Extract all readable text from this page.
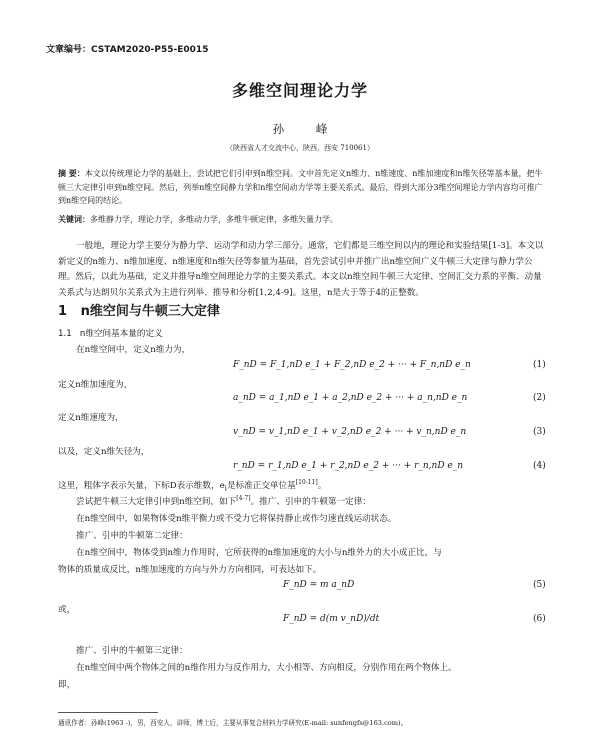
文章编号：CSTAM2020-P55-E0015
多维空间理论力学
孙 峰
（陕西省人才交流中心，陕西，西安 710061）
摘 要：本文以传统理论力学的基础上，尝试把它们引申到n维空间。文中首先定义n维力、n维速度、n维加速度和n维矢径等基本量，把牛顿三大定律引申到n维空间。然后，列举n维空间静力学和n维空间动力学等主要关系式。最后，得到大部分3维空间理论力学内容均可推广到n维空间的结论。
关键词：多维静力学，理论力学，多维动力学，多维牛顿定律，多维矢量力学。
一般地，理论力学主要分为静力学、运动学和动力学三部分。通常，它们都是三维空间以内的理论和实验结果[1-3]。本文以新定义的n维力、n维加速度、n维速度和n维矢径等参量为基础，首先尝试引申并推广出n维空间广义牛顿三大定律与静力学公理。然后，以此为基础，定义并推导n维空间理论力学的主要关系式。本文以n维空间牛顿三大定律、空间汇交力系的平衡、动量关系式与达朗贝尔关系式为主进行列举、推导和分析[1,2,4-9]。这里，n是大于等于4的正整数。
1 n维空间与牛顿三大定律
1.1 n维空间基本量的定义
在n维空间中，定义n维力为，
F_nD = F_1,nD e_1 + F_2,nD e_2 + ··· + F_n,nD e_n	(1)
定义n维加速度为，
a_nD = a_1,nD e_1 + a_2,nD e_2 + ··· + a_n,nD e_n	(2)
定义n维速度为，
v_nD = v_1,nD e_1 + v_2,nD e_2 + ··· + v_n,nD e_n	(3)
以及，定义n维矢径为，
r_nD = r_1,nD e_1 + r_2,nD e_2 + ··· + r_n,nD e_n	(4)
这里，粗体字表示矢量，下标D表示维数，$e_i$是标准正交单位基[10-11]。
尝试把牛顿三大定律引申到n维空间，如下[4-7]。推广、引申的牛顿第一定律：
在n维空间中，如果物体受n维平衡力或不受力它将保持静止或作匀速直线运动状态。
推广、引申的牛顿第二定律：
在n维空间中，物体受到n维力作用时，它所获得的n维加速度的大小与n维外力的大小成正比，与
物体的质量成反比，n维加速度的方向与外力方向相同，可表达如下。
F_nD = m a_nD	(5)
或，
F_nD = d(m v_nD)/dt	(6)
推广、引申的牛顿第三定律：
在n维空间中两个物体之间的n维作用力与反作用力，大小相等、方向相反，分别作用在两个物体上。
即，
通讯作者：孙峰(1963 -)，男，西安人，讲师，博士后，主要从事复合材料力学研究(E-mail: sunfengfs@163.com)。
